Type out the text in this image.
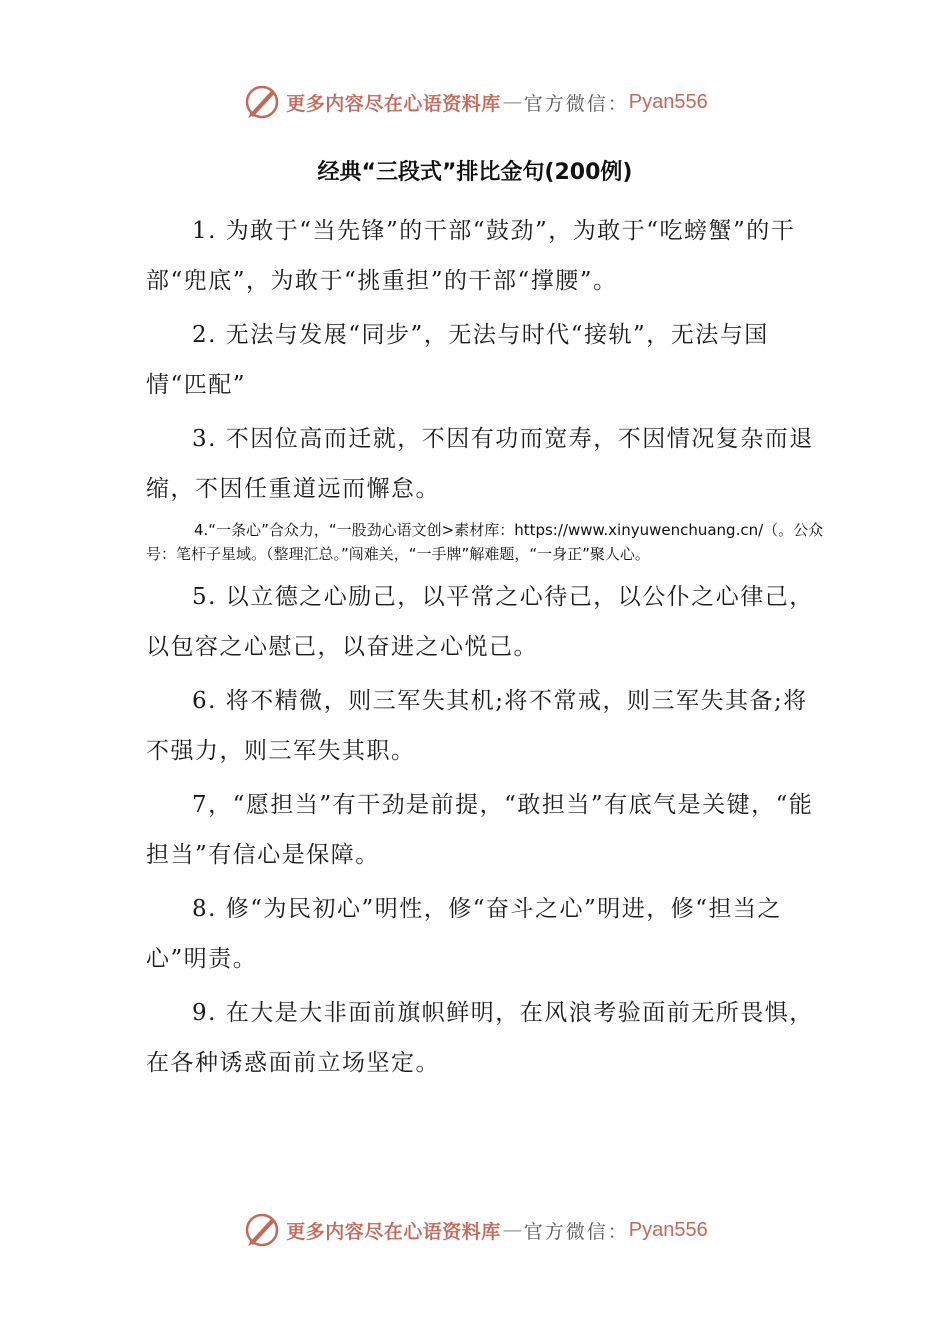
更多内容尽在心语资料库 — 官方微信： Pyan556
经典“三段式”排比金句(200例)

1. 为敢于“当先锋”的干部“鼓劲”，为敢于“吃螃蟹”的干部“兜底”，为敢于“挑重担”的干部“撑腰”。

2. 无法与发展“同步”，无法与时代“接轨”，无法与国情“匹配”

3. 不因位高而迁就，不因有功而宽寿，不因情况复杂而退缩，不因任重道远而懈怠。

4.“一条心”合众力，“一股劲心语文创>素材库：https://www.xinyuwenchuang.cn/（。公众号：笔杆子星域。（整理汇总。”闯难关，“一手牌”解难题，“一身正”聚人心。

5. 以立德之心励己，以平常之心待己，以公仆之心律己，以包容之心慰己，以奋进之心悦己。

6. 将不精微，则三军失其机;将不常戒，则三军失其备;将不强力，则三军失其职。

7，“愿担当”有干劲是前提，“敢担当”有底气是关键，“能担当”有信心是保障。

8. 修“为民初心”明性，修“奋斗之心”明进，修“担当之心”明责。

9. 在大是大非面前旗帜鲜明，在风浪考验面前无所畏惧，在各种诱惑面前立场坚定。

更多内容尽在心语资料库 — 官方微信： Pyan556
